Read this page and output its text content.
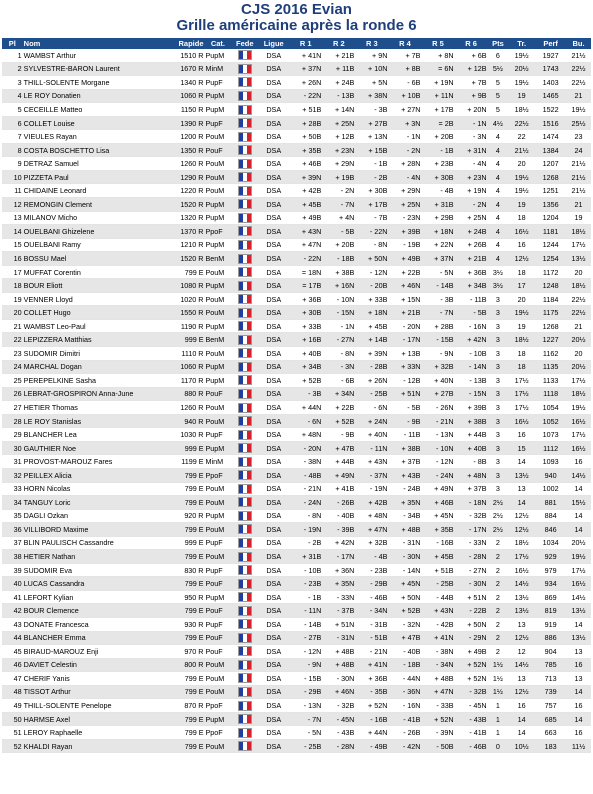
CJS 2016 Evian
Grille américaine après la ronde 6
Pl	Nom	Rapide	Cat.	Fede	Ligue	R 1	R 2	R 3	R 4	R 5	R 6	Pts	Tr.	Perf	Bu.
1	WAMBST Arthur	1510 R	PupM		DSA	+ 41N	+ 21B	+ 9N	+ 7B	+ 8N	+ 6B	6	19½	1927	21½
2	SYLVESTRE-BARON Laurent	1670 R	MinM		DSA	+ 37N	+ 11B	+ 10N	+ 8B	= 6N	+ 12B	5½	20½	1743	22½
3	THILL-SOLENTE Morgane	1340 R	PupF		DSA	+ 26N	+ 24B	+ 5N	- 6B	+ 19N	+ 7B	5	19½	1403	22½
4	LE ROY Donatien	1060 R	PupM		DSA	- 22N	- 13B	+ 38N	+ 10B	+ 11N	+ 9B	5	19	1465	21
5	CECEILLE Matteo	1150 R	PupM		DSA	+ 51B	+ 14N	- 3B	+ 27N	+ 17B	+ 20N	5	18½	1522	19½
6	COLLET Louise	1390 R	PupF		DSA	+ 28B	+ 25N	+ 27B	+ 3N	= 2B	- 1N	4½	22½	1516	25½
7	VIEULES Rayan	1200 R	PouM		DSA	+ 50B	+ 12B	+ 13N	- 1N	+ 20B	- 3N	4	22	1474	23
8	COSTA BOSCHETTO Lisa	1350 R	PouF		DSA	+ 35B	+ 23N	+ 15B	- 2N	- 1B	+ 31N	4	21½	1384	24
9	DETRAZ Samuel	1260 R	PouM		DSA	+ 46B	+ 29N	- 1B	+ 28N	+ 23B	- 4N	4	20	1207	21½
10	PIZZETA Paul	1290 R	PouM		DSA	+ 39N	+ 19B	- 2B	- 4N	+ 30B	+ 23N	4	19½	1268	21½
11	CHIDAINE Leonard	1220 R	PouM		DSA	+ 42B	- 2N	+ 30B	+ 29N	- 4B	+ 19N	4	19½	1251	21½
12	REMONGIN Clement	1520 R	PupM		DSA	+ 45B	- 7N	+ 17B	+ 25N	+ 31B	- 2N	4	19	1356	21
13	MILANOV Micho	1320 R	PupM		DSA	+ 49B	+ 4N	- 7B	- 23N	+ 29B	+ 25N	4	18	1204	19
14	OUELBANI Ghizelene	1370 R	PpoF		DSA	+ 43N	- 5B	- 22N	+ 39B	+ 18N	+ 24B	4	16½	1181	18½
15	OUELBANI Ramy	1210 R	PupM		DSA	+ 47N	+ 20B	- 8N	- 19B	+ 22N	+ 26B	4	16	1244	17½
16	BOSSU Mael	1520 R	BenM		DSA	- 22N	- 18B	+ 50N	+ 49B	+ 37N	+ 21B	4	12½	1254	13½
17	MUFFAT Corentin	799 E	PouM		DSA	= 18N	+ 38B	- 12N	+ 22B	- 5N	+ 36B	3½	18	1172	20
18	BOUR Eliott	1080 R	PupM		DSA	= 17B	+ 16N	- 20B	+ 46N	- 14B	+ 34B	3½	17	1248	18½
19	VENNER Lloyd	1020 R	PouM		DSA	+ 36B	- 10N	+ 33B	+ 15N	- 3B	- 11B	3	20	1184	22½
20	COLLET Hugo	1550 R	PouM		DSA	+ 30B	- 15N	+ 18N	+ 21B	- 7N	- 5B	3	19½	1175	22½
21	WAMBST Leo-Paul	1190 R	PupM		DSA	+ 33B	- 1N	+ 45B	- 20N	+ 28B	- 16N	3	19	1268	21
22	LEPIZZERA Matthias	999 E	BenM		DSA	+ 16B	- 27N	+ 14B	- 17N	- 15B	+ 42N	3	18½	1227	20½
23	SUDOMIR Dimitri	1110 R	PouM		DSA	+ 40B	- 8N	+ 39N	+ 13B	- 9N	- 10B	3	18	1162	20
24	MARCHAL Dogan	1060 R	PupM		DSA	+ 34B	- 3N	- 28B	+ 33N	+ 32B	- 14N	3	18	1135	20½
25	PEREPELKINE Sasha	1170 R	PupM		DSA	+ 52B	- 6B	+ 26N	- 12B	+ 40N	- 13B	3	17½	1133	17½
26	LEBRAT-GROSPIRON Anna-June	880 R	PouF		DSA	- 3B	+ 34N	- 25B	+ 51N	+ 27B	- 15N	3	17½	1118	18½
27	HETIER Thomas	1260 R	PouM		DSA	+ 44N	+ 22B	- 6N	- 5B	- 26N	+ 39B	3	17½	1054	19½
28	LE ROY Stanislas	940 R	PouM		DSA	- 6N	+ 52B	+ 24N	- 9B	- 21N	+ 38B	3	16½	1052	16½
29	BLANCHER Lea	1030 R	PupF		DSA	+ 48N	- 9B	+ 40N	- 11B	- 13N	+ 44B	3	16	1073	17½
30	GAUTHIER Noe	999 E	PupM		DSA	- 20N	+ 47B	- 11N	+ 38B	- 10N	+ 40B	3	15	1112	16½
31	PROVOST-MAROUZ Fares	1199 E	MinM		DSA	- 38N	+ 44B	+ 43N	+ 37B	- 12N	- 8B	3	14	1093	16
32	PEILLEX Alicia	799 E	PpoF		DSA	- 48B	+ 49N	- 37N	+ 43B	- 24N	+ 48N	3	13½	940	14½
33	HORN Nicolas	799 E	PouM		DSA	- 21N	+ 41B	- 19N	- 24B	+ 49N	+ 37B	3	13	1002	14
34	TANGUY Loric	799 E	PouM		DSA	- 24N	- 26B	+ 42B	+ 35N	+ 46B	- 18N	2½	14	881	15½
35	DAGLI Ozkan	920 R	PupM		DSA	- 8N	- 40B	+ 48N	- 34B	+ 45N	- 32B	2½	12½	884	14
36	VILLIBORD Maxime	799 E	PouM		DSA	- 19N	- 39B	+ 47N	+ 48B	+ 35B	- 17N	2½	12½	846	14
37	BLIN PAULISCH Cassandre	999 E	PupF		DSA	- 2B	+ 42N	+ 32B	- 31N	- 16B	- 33N	2	18½	1034	20½
38	HETIER Nathan	799 E	PouM		DSA	+ 31B	- 17N	- 4B	- 30N	+ 45B	- 28N	2	17½	929	19½
39	SUDOMIR Eva	830 R	PupF		DSA	- 10B	+ 36N	- 23B	- 14N	+ 51B	- 27N	2	16½	979	17½
40	LUCAS Cassandra	799 E	PouF		DSA	- 23B	+ 35N	- 29B	+ 45N	- 25B	- 30N	2	14½	934	16½
41	LEFORT Kylian	950 R	PupM		DSA	- 1B	- 33N	- 46B	+ 50N	- 44B	+ 51N	2	13½	869	14½
42	BOUR Clemence	799 E	PouF		DSA	- 11N	- 37B	- 34N	+ 52B	+ 43N	- 22B	2	13½	819	13½
43	DONATE Francesca	930 R	PupF		DSA	- 14B	+ 51N	- 31B	- 32N	- 42B	+ 50N	2	13	919	14
44	BLANCHER Emma	799 E	PouF		DSA	- 27B	- 31N	- 51B	+ 47B	+ 41N	- 29N	2	12½	886	13½
45	BIRAUD-MAROUZ Enji	970 R	PouF		DSA	- 12N	+ 48B	- 21N	- 40B	- 38N	+ 49B	2	12	904	13
46	DAVIET Celestin	800 R	PouM		DSA	- 9N	+ 48B	+ 41N	- 18B	- 34N	+ 52N	1½	14½	785	16
47	CHERIF Yanis	799 E	PouM		DSA	- 15B	- 30N	+ 36B	- 44N	+ 48B	+ 52N	1½	13	713	13
48	TISSOT Arthur	799 E	PouM		DSA	- 29B	+ 46N	- 35B	- 36N	+ 47N	- 32B	1½	12½	739	14
49	THILL-SOLENTE Penelope	870 R	PpoF		DSA	- 13N	- 32B	+ 52N	- 16N	- 33B	- 45N	1	16	757	16
50	HARMSE Axel	799 E	PupM		DSA	- 7N	- 45N	- 16B	- 41B	+ 52N	- 43B	1	14	685	14
51	LEROY Raphaelle	799 E	PpoF		DSA	- 5N	- 43B	+ 44N	- 26B	- 39N	- 41B	1	14	663	16
52	KHALDI Rayan	799 E	PouM		DSA	- 25B	- 28N	- 49B	- 42N	- 50B	- 46B	0	10½	183	11½
